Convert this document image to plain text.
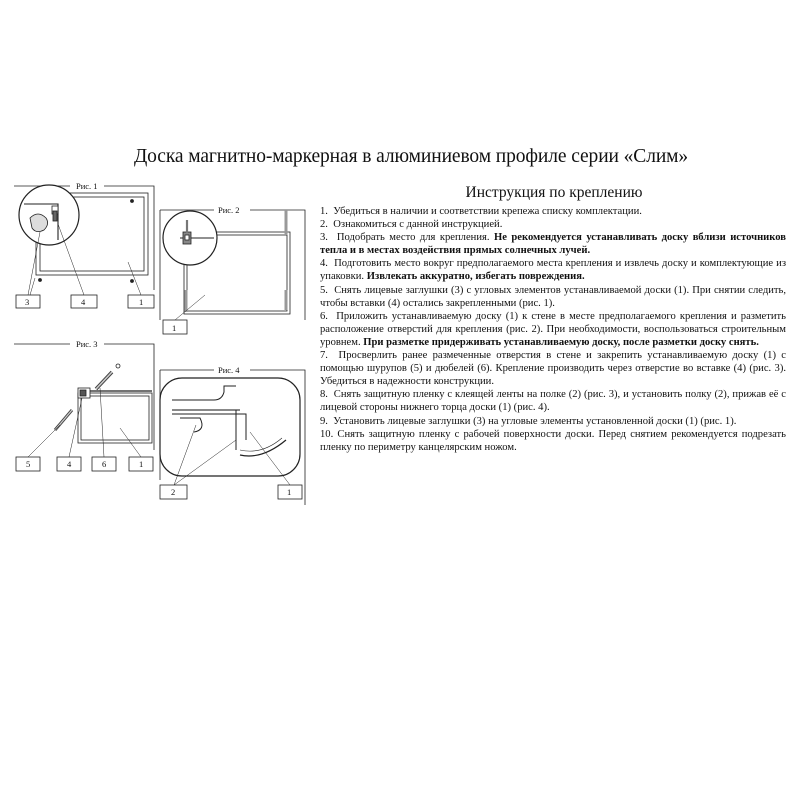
Доска магнитно-маркерная в алюминиевом профиле серии «Слим»
Рис. 1
3	4	1
Рис. 2
1
Рис. 3
5	4	6	1
Рис. 4
2	1
Инструкция по креплению
1. Убедиться в наличии и соответствии крепежа списку комплектации.
2. Ознакомиться с данной инструкцией.
3. Подобрать место для крепления. Не рекомендуется устанавливать доску вблизи источников тепла и в местах воздействия прямых солнечных лучей.
4. Подготовить место вокруг предполагаемого места крепления и извлечь доску и комплектующие из упаковки. Извлекать аккуратно, избегать повреждения.
5. Снять лицевые заглушки (3) с угловых элементов устанавливаемой доски (1). При снятии следить, чтобы вставки (4) остались закрепленными (рис. 1).
6. Приложить устанавливаемую доску (1) к стене в месте предполагаемого крепления и разметить расположение отверстий для крепления (рис. 2). При необходимости, воспользоваться строительным уровнем. При разметке придерживать устанавливаемую доску, после разметки доску снять.
7. Просверлить ранее размеченные отверстия в стене и закрепить устанавливаемую доску (1) с помощью шурупов (5) и дюбелей (6). Крепление производить через отверстие во вставке (4) (рис. 3). Убедиться в надежности конструкции.
8. Снять защитную пленку с клеящей ленты на полке (2) (рис. 3), и установить полку (2), прижав её с лицевой стороны нижнего торца доски (1) (рис. 4).
9. Установить лицевые заглушки (3) на угловые элементы установленной доски (1) (рис. 1).
10. Снять защитную пленку с рабочей поверхности доски. Перед снятием рекомендуется подрезать пленку по периметру канцелярским ножом.
